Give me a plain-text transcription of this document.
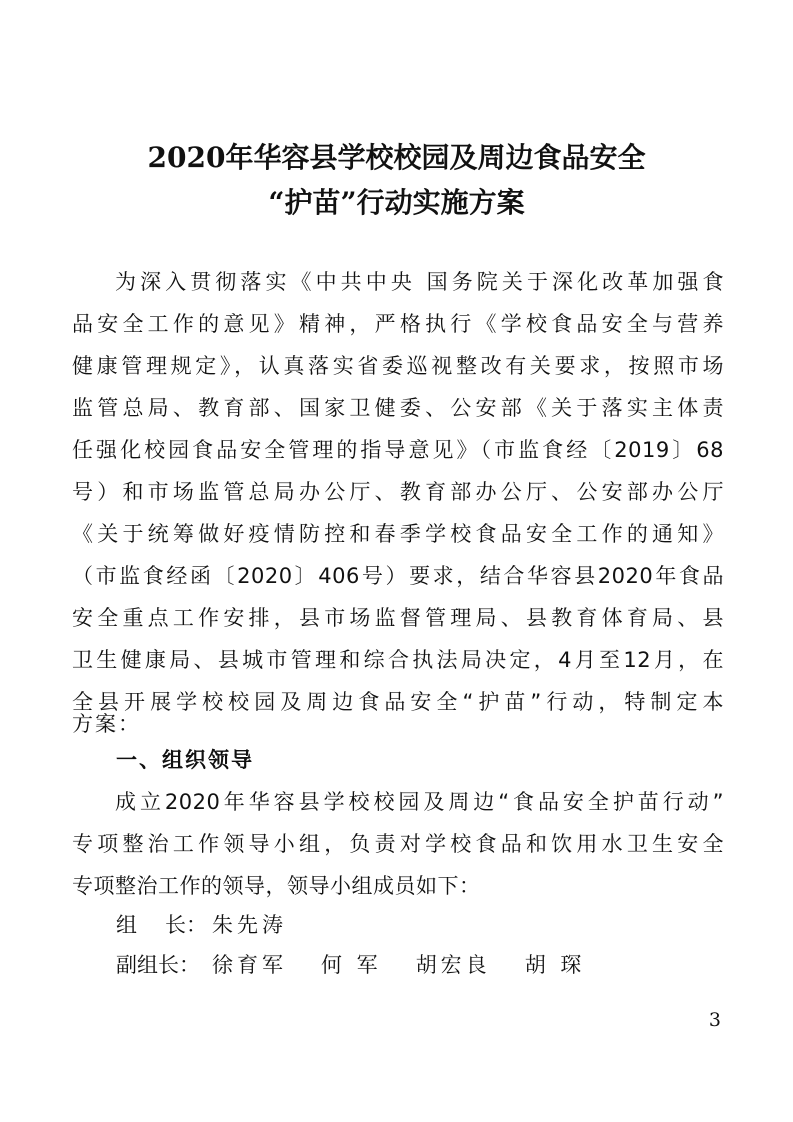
2020年华容县学校校园及周边食品安全
“护苗”行动实施方案
为深入贯彻落实《中共中央 国务院关于深化改革加强食
品安全工作的意见》精神，严格执行《学校食品安全与营养
健康管理规定》，认真落实省委巡视整改有关要求，按照市场
监管总局、教育部、国家卫健委、公安部《关于落实主体责
任强化校园食品安全管理的指导意见》（市监食经〔2019〕68
号）和市场监管总局办公厅、教育部办公厅、公安部办公厅
《关于统筹做好疫情防控和春季学校食品安全工作的通知》
（市监食经函〔2020〕406号）要求，结合华容县2020年食品
安全重点工作安排，县市场监督管理局、县教育体育局、县
卫生健康局、县城市管理和综合执法局决定，4月至12月，在
全县开展学校校园及周边食品安全“护苗”行动，特制定本
方案：
一、组织领导
成立2020年华容县学校校园及周边“食品安全护苗行动”
专项整治工作领导小组，负责对学校食品和饮用水卫生安全
专项整治工作的领导，领导小组成员如下：
组 长： 朱先涛
副组长： 徐育军 何 军 胡宏良 胡 琛
3
